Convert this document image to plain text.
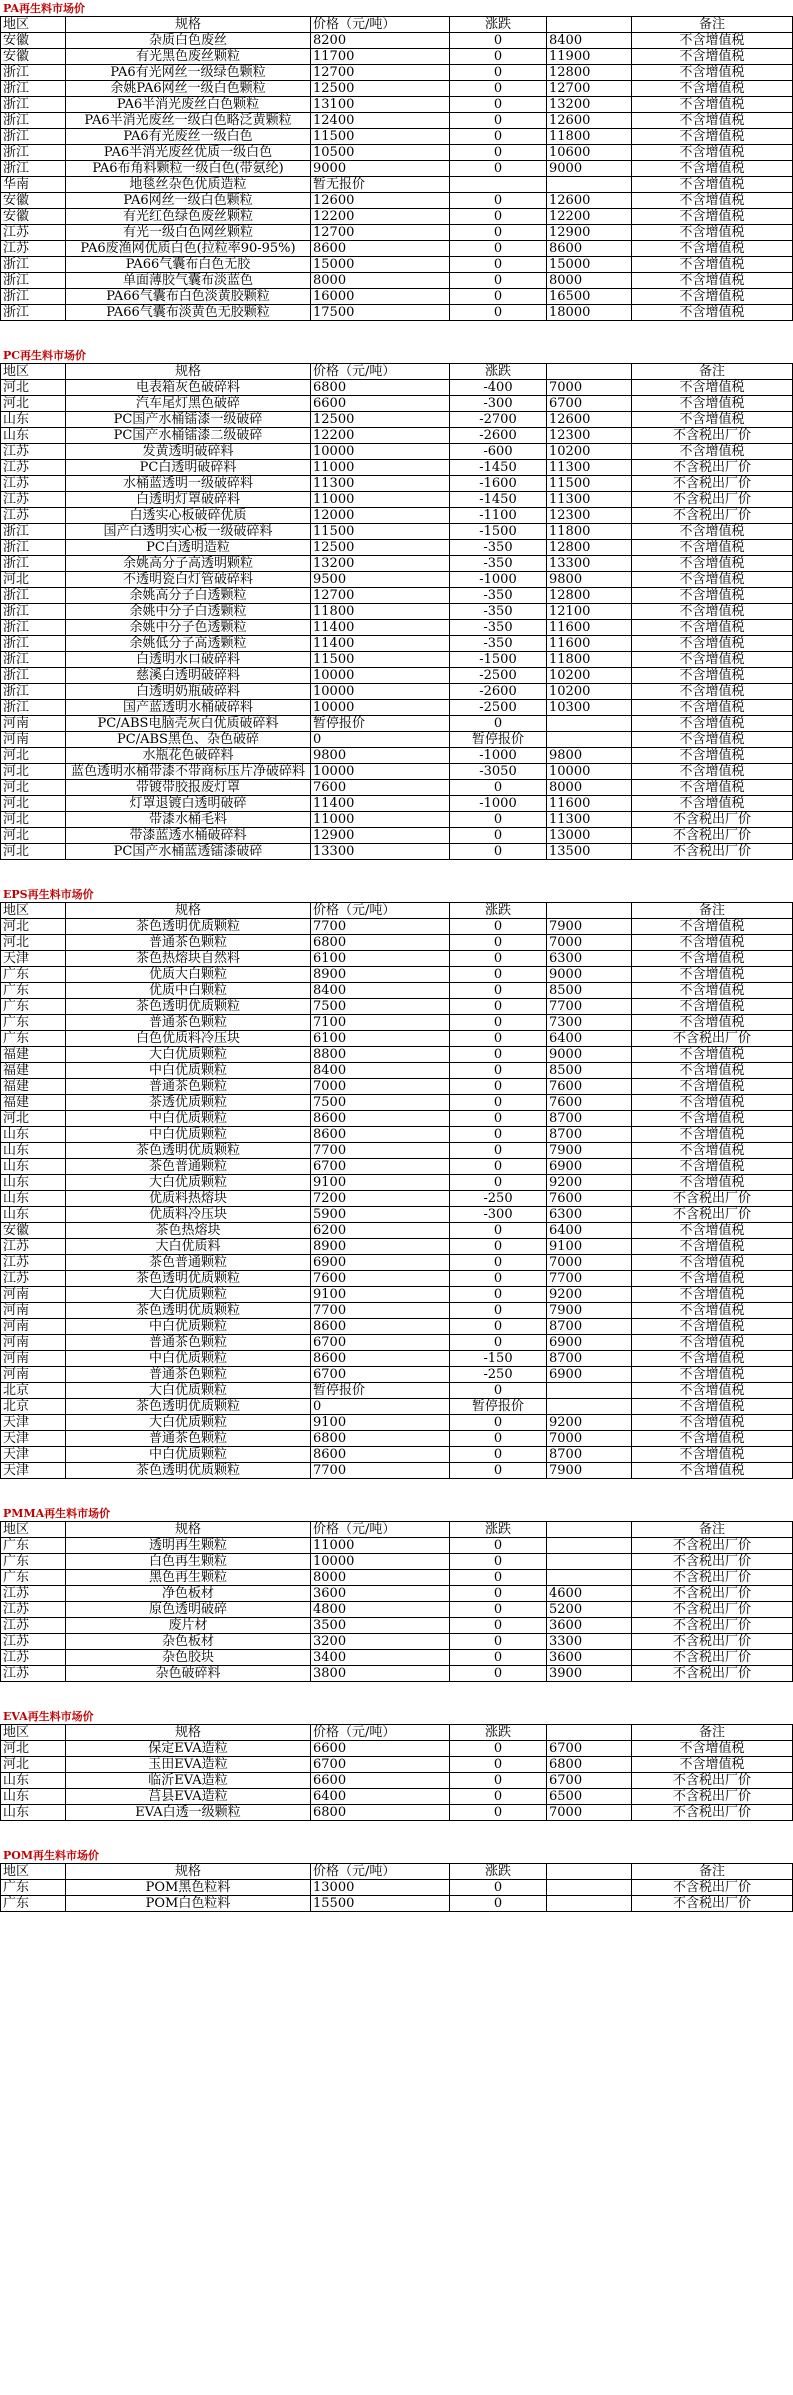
PA再生料市场价
地区	规格	价格（元/吨）	涨跌		备注
安徽	杂质白色废丝	8200	0	8400	不含增值税
安徽	有光黑色废丝颗粒	11700	0	11900	不含增值税
浙江	PA6有光网丝一级绿色颗粒	12700	0	12800	不含增值税
浙江	余姚PA6网丝一级白色颗粒	12500	0	12700	不含增值税
浙江	PA6半消光废丝白色颗粒	13100	0	13200	不含增值税
浙江	PA6半消光废丝一级白色略泛黄颗粒	12400	0	12600	不含增值税
浙江	PA6有光废丝一级白色	11500	0	11800	不含增值税
浙江	PA6半消光废丝优质一级白色	10500	0	10600	不含增值税
浙江	PA6布角料颗粒一级白色(带氨纶)	9000	0	9000	不含增值税
华南	地毯丝杂色优质造粒	暂无报价			不含增值税
安徽	PA6网丝一级白色颗粒	12600	0	12600	不含增值税
安徽	有光红色绿色废丝颗粒	12200	0	12200	不含增值税
江苏	有光一级白色网丝颗粒	12700	0	12900	不含增值税
江苏	PA6废渔网优质白色(拉粒率90-95%)	8600	0	8600	不含增值税
浙江	PA66气囊布白色无胶	15000	0	15000	不含增值税
浙江	单面薄胶气囊布淡蓝色	8000	0	8000	不含增值税
浙江	PA66气囊布白色淡黄胶颗粒	16000	0	16500	不含增值税
浙江	PA66气囊布淡黄色无胶颗粒	17500	0	18000	不含增值税
PC再生料市场价
地区	规格	价格（元/吨）	涨跌		备注
河北	电表箱灰色破碎料	6800	-400	7000	不含增值税
河北	汽车尾灯黑色破碎	6600	-300	6700	不含增值税
山东	PC国产水桶镭漆一级破碎	12500	-2700	12600	不含增值税
山东	PC国产水桶镭漆二级破碎	12200	-2600	12300	不含税出厂价
江苏	发黄透明破碎料	10000	-600	10200	不含增值税
江苏	PC白透明破碎料	11000	-1450	11300	不含税出厂价
江苏	水桶蓝透明一级破碎料	11300	-1600	11500	不含税出厂价
江苏	白透明灯罩破碎料	11000	-1450	11300	不含税出厂价
江苏	白透实心板破碎优质	12000	-1100	12300	不含税出厂价
浙江	国产白透明实心板一级破碎料	11500	-1500	11800	不含增值税
浙江	PC白透明造粒	12500	-350	12800	不含增值税
浙江	余姚高分子高透明颗粒	13200	-350	13300	不含增值税
河北	不透明瓷白灯管破碎料	9500	-1000	9800	不含增值税
浙江	余姚高分子白透颗粒	12700	-350	12800	不含增值税
浙江	余姚中分子白透颗粒	11800	-350	12100	不含增值税
浙江	余姚中分子色透颗粒	11400	-350	11600	不含增值税
浙江	余姚低分子高透颗粒	11400	-350	11600	不含增值税
浙江	白透明水口破碎料	11500	-1500	11800	不含增值税
浙江	慈溪白透明破碎料	10000	-2500	10200	不含增值税
浙江	白透明奶瓶破碎料	10000	-2600	10200	不含增值税
浙江	国产蓝透明水桶破碎料	10000	-2500	10300	不含增值税
河南	PC/ABS电脑壳灰白优质破碎料	暂停报价	0		不含增值税
河南	PC/ABS黑色、杂色破碎	0	暂停报价		不含增值税
河北	水瓶花色破碎料	9800	-1000	9800	不含增值税
河北	蓝色透明水桶带漆不带商标压片净破碎料	10000	-3050	10000	不含增值税
河北	带镀带胶报废灯罩	7600	0	8000	不含增值税
河北	灯罩退镀白透明破碎	11400	-1000	11600	不含增值税
河北	带漆水桶毛料	11000	0	11300	不含税出厂价
河北	带漆蓝透水桶破碎料	12900	0	13000	不含税出厂价
河北	PC国产水桶蓝透镭漆破碎	13300	0	13500	不含税出厂价
EPS再生料市场价
地区	规格	价格（元/吨）	涨跌		备注
河北	茶色透明优质颗粒	7700	0	7900	不含增值税
河北	普通茶色颗粒	6800	0	7000	不含增值税
天津	茶色热熔块自然料	6100	0	6300	不含增值税
广东	优质大白颗粒	8900	0	9000	不含增值税
广东	优质中白颗粒	8400	0	8500	不含增值税
广东	茶色透明优质颗粒	7500	0	7700	不含增值税
广东	普通茶色颗粒	7100	0	7300	不含增值税
广东	白色优质料冷压块	6100	0	6400	不含税出厂价
福建	大白优质颗粒	8800	0	9000	不含增值税
福建	中白优质颗粒	8400	0	8500	不含增值税
福建	普通茶色颗粒	7000	0	7600	不含增值税
福建	茶透优质颗粒	7500	0	7600	不含增值税
河北	中白优质颗粒	8600	0	8700	不含增值税
山东	中白优质颗粒	8600	0	8700	不含增值税
山东	茶色透明优质颗粒	7700	0	7900	不含增值税
山东	茶色普通颗粒	6700	0	6900	不含增值税
山东	大白优质颗粒	9100	0	9200	不含增值税
山东	优质料热熔块	7200	-250	7600	不含税出厂价
山东	优质料冷压块	5900	-300	6300	不含税出厂价
安徽	茶色热熔块	6200	0	6400	不含增值税
江苏	大白优质料	8900	0	9100	不含增值税
江苏	茶色普通颗粒	6900	0	7000	不含增值税
江苏	茶色透明优质颗粒	7600	0	7700	不含增值税
河南	大白优质颗粒	9100	0	9200	不含增值税
河南	茶色透明优质颗粒	7700	0	7900	不含增值税
河南	中白优质颗粒	8600	0	8700	不含增值税
河南	普通茶色颗粒	6700	0	6900	不含增值税
河南	中白优质颗粒	8600	-150	8700	不含增值税
河南	普通茶色颗粒	6700	-250	6900	不含增值税
北京	大白优质颗粒	暂停报价	0		不含增值税
北京	茶色透明优质颗粒	0	暂停报价		不含增值税
天津	大白优质颗粒	9100	0	9200	不含增值税
天津	普通茶色颗粒	6800	0	7000	不含增值税
天津	中白优质颗粒	8600	0	8700	不含增值税
天津	茶色透明优质颗粒	7700	0	7900	不含增值税
PMMA再生料市场价
地区	规格	价格（元/吨）	涨跌		备注
广东	透明再生颗粒	11000	0		不含税出厂价
广东	白色再生颗粒	10000	0		不含税出厂价
广东	黑色再生颗粒	8000	0		不含税出厂价
江苏	净色板材	3600	0	4600	不含税出厂价
江苏	原色透明破碎	4800	0	5200	不含税出厂价
江苏	废片材	3500	0	3600	不含税出厂价
江苏	杂色板材	3200	0	3300	不含税出厂价
江苏	杂色胶块	3400	0	3600	不含税出厂价
江苏	杂色破碎料	3800	0	3900	不含税出厂价
EVA再生料市场价
地区	规格	价格（元/吨）	涨跌		备注
河北	保定EVA造粒	6600	0	6700	不含增值税
河北	玉田EVA造粒	6700	0	6800	不含增值税
山东	临沂EVA造粒	6600	0	6700	不含税出厂价
山东	莒县EVA造粒	6400	0	6500	不含税出厂价
山东	EVA白透一级颗粒	6800	0	7000	不含税出厂价
POM再生料市场价
地区	规格	价格（元/吨）	涨跌		备注
广东	POM黑色粒料	13000	0		不含税出厂价
广东	POM白色粒料	15500	0		不含税出厂价
